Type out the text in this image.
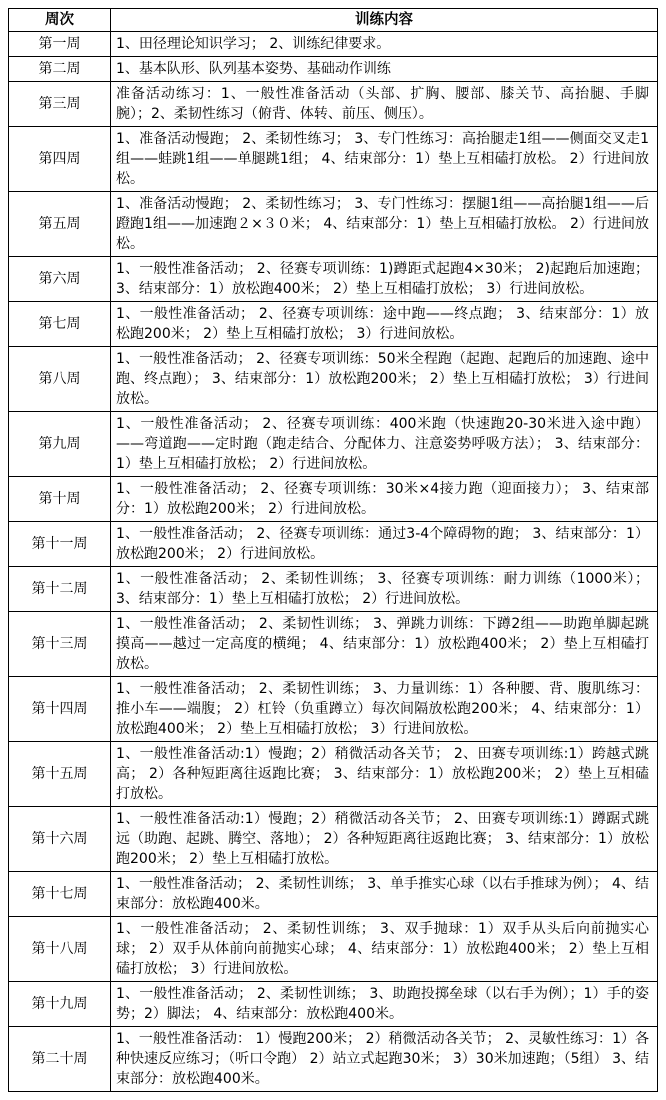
周次	训练内容
第一周	1、田径理论知识学习； 2、训练纪律要求。
第二周	1、基本队形、队列基本姿势、基础动作训练
第三周	准备活动练习：1、一般性准备活动（头部、扩胸、腰部、膝关节、高抬腿、手脚腕）；2、柔韧性练习（俯背、体转、前压、侧压）。
第四周	1、准备活动慢跑； 2、柔韧性练习； 3、专门性练习：高抬腿走1组——侧面交叉走1组——蛙跳1组——单腿跳1组； 4、结束部分：1）垫上互相磕打放松。 2）行进间放松。
第五周	1、准备活动慢跑； 2、柔韧性练习； 3、专门性练习：摆腿1组——高抬腿1组——后蹬跑1组——加速跑２×３０米； 4、结束部分：1）垫上互相磕打放松。 2）行进间放松。
第六周	1、一般性准备活动； 2、径赛专项训练：1)蹲距式起跑4×30米； 2)起跑后加速跑； 3、结束部分：1）放松跑400米； 2）垫上互相磕打放松； 3）行进间放松。
第七周	1、一般性准备活动； 2、径赛专项训练：途中跑——终点跑； 3、结束部分：1）放松跑200米； 2）垫上互相磕打放松； 3）行进间放松。
第八周	1、一般性准备活动； 2、径赛专项训练：50米全程跑（起跑、起跑后的加速跑、途中跑、终点跑）； 3、结束部分：1）放松跑200米； 2）垫上互相磕打放松； 3）行进间放松。
第九周	1、一般性准备活动； 2、径赛专项训练：400米跑（快速跑20-30米进入途中跑）——弯道跑——定时跑（跑走结合、分配体力、注意姿势呼吸方法）； 3、结束部分：1）垫上互相磕打放松； 2）行进间放松。
第十周	1、一般性准备活动； 2、径赛专项训练：30米×4接力跑（迎面接力）； 3、结束部分：1）放松跑200米； 2）行进间放松。
第十一周	1、一般性准备活动； 2、径赛专项训练：通过3-4个障碍物的跑； 3、结束部分：1）放松跑200米； 2）行进间放松。
第十二周	1、一般性准备活动； 2、柔韧性训练； 3、径赛专项训练：耐力训练（1000米）；3、结束部分：1）垫上互相磕打放松； 2）行进间放松。
第十三周	1、一般性准备活动； 2、柔韧性训练； 3、弹跳力训练：下蹲2组——助跑单脚起跳摸高——越过一定高度的横绳； 4、结束部分：1）放松跑400米； 2）垫上互相磕打放松。
第十四周	1、一般性准备活动； 2、柔韧性训练； 3、力量训练：1）各种腰、背、腹肌练习：推小车——端腹； 2）杠铃（负重蹲立）每次间隔放松跑200米； 4、结束部分：1）放松跑400米； 2）垫上互相磕打放松； 3）行进间放松。
第十五周	1、一般性准备活动:1）慢跑；2）稍微活动各关节； 2、田赛专项训练:1）跨越式跳高； 2）各种短距离往返跑比赛； 3、结束部分：1）放松跑200米； 2）垫上互相磕打放松。
第十六周	1、一般性准备活动:1）慢跑；2）稍微活动各关节； 2、田赛专项训练:1）蹲踞式跳远（助跑、起跳、腾空、落地）； 2）各种短距离往返跑比赛； 3、结束部分：1）放松跑200米； 2）垫上互相磕打放松。
第十七周	1、一般性准备活动； 2、柔韧性训练； 3、单手推实心球（以右手推球为例）； 4、结束部分：放松跑400米。
第十八周	1、一般性准备活动； 2、柔韧性训练； 3、双手抛球：1）双手从头后向前抛实心球； 2）双手从体前向前抛实心球； 4、结束部分：1）放松跑400米； 2）垫上互相磕打放松； 3）行进间放松。
第十九周	1、一般性准备活动； 2、柔韧性训练； 3、助跑投掷垒球（以右手为例）；1）手的姿势；2）脚法； 4、结束部分：放松跑400米。
第二十周	1、一般性准备活动： 1）慢跑200米； 2）稍微活动各关节； 2、灵敏性练习：1）各种快速反应练习；（听口令跑） 2）站立式起跑30米； 3）30米加速跑；（5组） 3、结束部分：放松跑400米。
